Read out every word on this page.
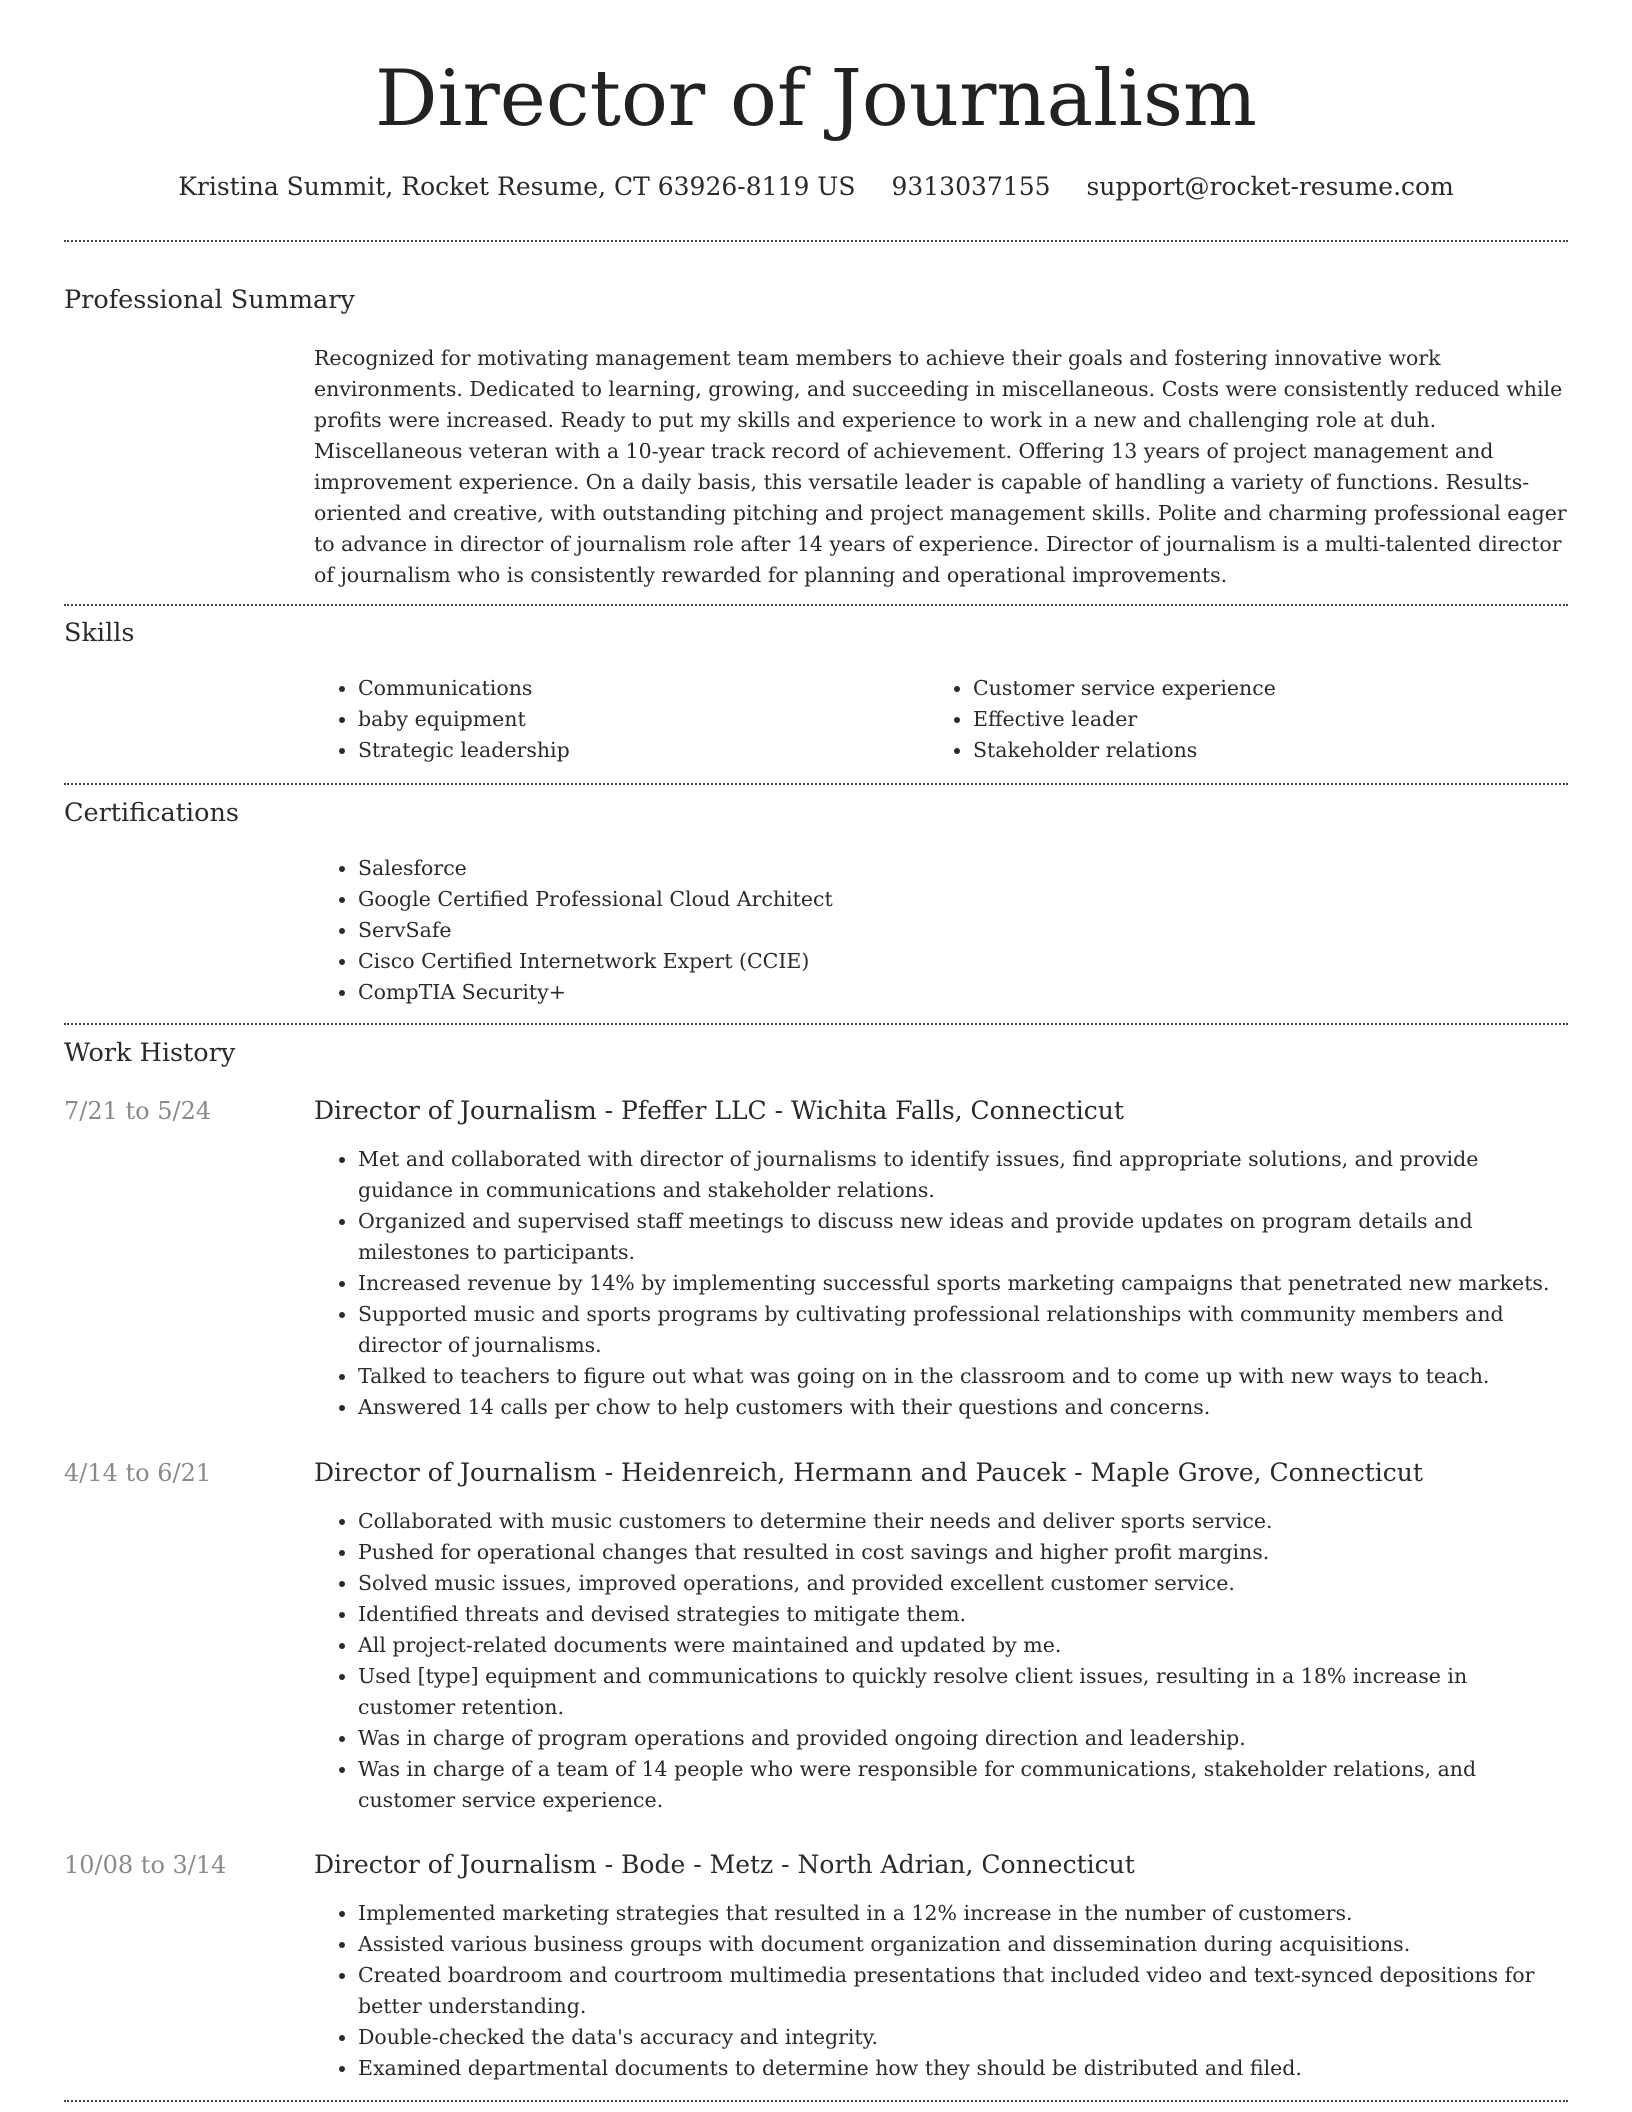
Director of Journalism
Kristina Summit, Rocket Resume, CT 63926-8119 US 9313037155 support@rocket-resume.com
Professional Summary

Recognized for motivating management team members to achieve their goals and fostering innovative work environments. Dedicated to learning, growing, and succeeding in miscellaneous. Costs were consistently reduced while profits were increased. Ready to put my skills and experience to work in a new and challenging role at duh. Miscellaneous veteran with a 10-year track record of achievement. Offering 13 years of project management and improvement experience. On a daily basis, this versatile leader is capable of handling a variety of functions. Results-oriented and creative, with outstanding pitching and project management skills. Polite and charming professional eager to advance in director of journalism role after 14 years of experience. Director of journalism is a multi-talented director of journalism who is consistently rewarded for planning and operational improvements.

Skills
• Communications
• baby equipment
• Strategic leadership
• Customer service experience
• Effective leader
• Stakeholder relations
Certifications
• Salesforce
• Google Certified Professional Cloud Architect
• ServSafe
• Cisco Certified Internetwork Expert (CCIE)
• CompTIA Security+
Work History
7/21 to 5/24	Director of Journalism - Pfeffer LLC - Wichita Falls, Connecticut
• Met and collaborated with director of journalisms to identify issues, find appropriate solutions, and provide guidance in communications and stakeholder relations.
• Organized and supervised staff meetings to discuss new ideas and provide updates on program details and milestones to participants.
• Increased revenue by 14% by implementing successful sports marketing campaigns that penetrated new markets.
• Supported music and sports programs by cultivating professional relationships with community members and director of journalisms.
• Talked to teachers to figure out what was going on in the classroom and to come up with new ways to teach.
• Answered 14 calls per chow to help customers with their questions and concerns.
4/14 to 6/21	Director of Journalism - Heidenreich, Hermann and Paucek - Maple Grove, Connecticut
• Collaborated with music customers to determine their needs and deliver sports service.
• Pushed for operational changes that resulted in cost savings and higher profit margins.
• Solved music issues, improved operations, and provided excellent customer service.
• Identified threats and devised strategies to mitigate them.
• All project-related documents were maintained and updated by me.
• Used [type] equipment and communications to quickly resolve client issues, resulting in a 18% increase in customer retention.
• Was in charge of program operations and provided ongoing direction and leadership.
• Was in charge of a team of 14 people who were responsible for communications, stakeholder relations, and customer service experience.
10/08 to 3/14	Director of Journalism - Bode - Metz - North Adrian, Connecticut
• Implemented marketing strategies that resulted in a 12% increase in the number of customers.
• Assisted various business groups with document organization and dissemination during acquisitions.
• Created boardroom and courtroom multimedia presentations that included video and text-synced depositions for better understanding.
• Double-checked the data's accuracy and integrity.
• Examined departmental documents to determine how they should be distributed and filed.
